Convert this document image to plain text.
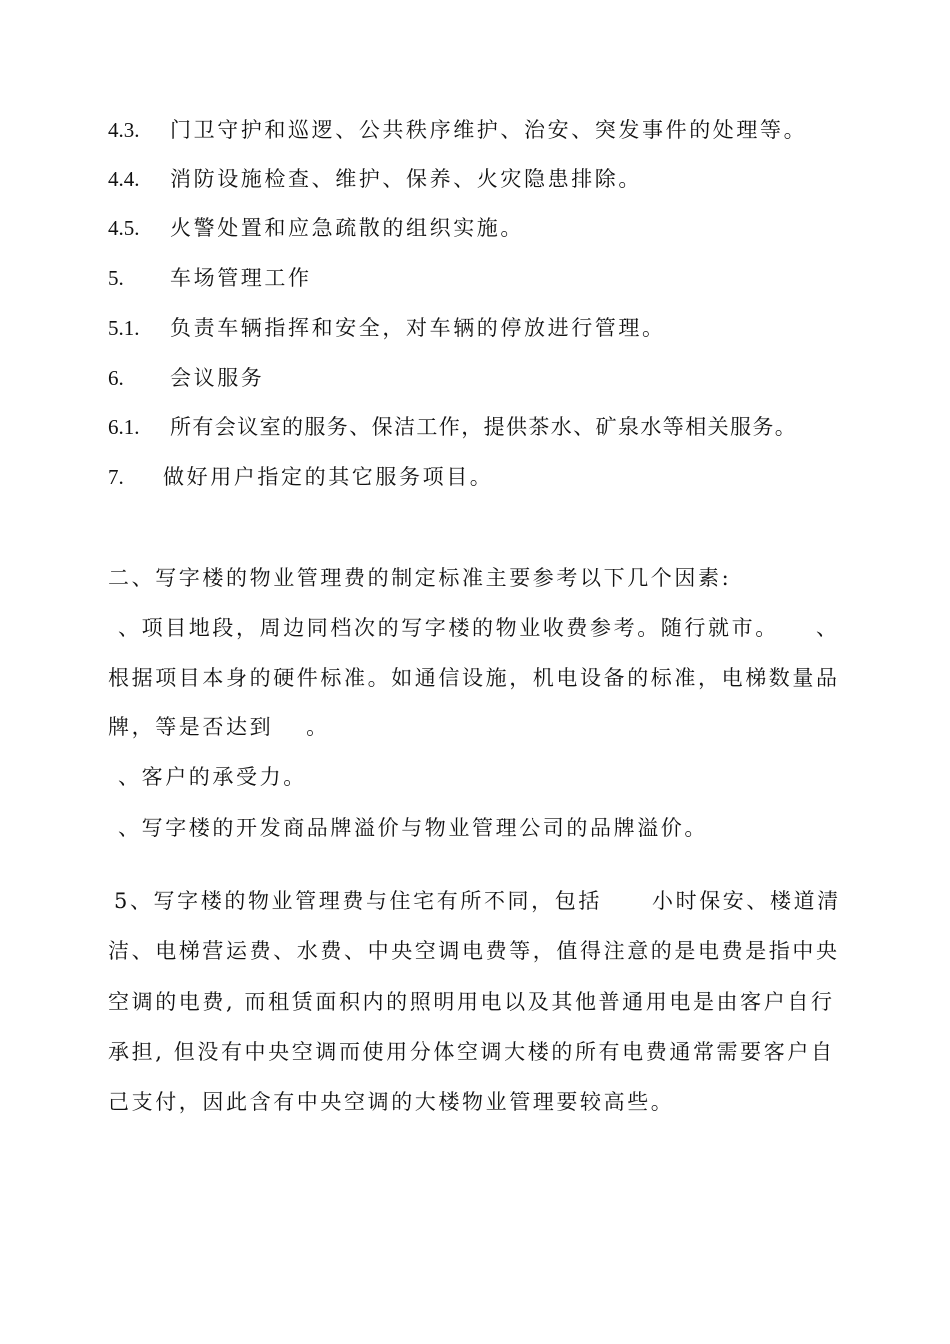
4.3. 门卫守护和巡逻、公共秩序维护、治安、突发事件的处理等。
4.4. 消防设施检查、维护、保养、火灾隐患排除。
4.5. 火警处置和应急疏散的组织实施。
5. 车场管理工作
5.1. 负责车辆指挥和安全，对车辆的停放进行管理。
6. 会议服务
6.1. 所有会议室的服务、保洁工作，提供茶水、矿泉水等相关服务。
7. 做好用户指定的其它服务项目。
二、写字楼的物业管理费的制定标准主要参考以下几个因素:
、项目地段，周边同档次的写字楼的物业收费参考。随行就市。 、
根据项目本身的硬件标准。如通信设施，机电设备的标准，电梯数量品
牌，等是否达到　 。
、客户的承受力。
、写字楼的开发商品牌溢价与物业管理公司的品牌溢价。
5、写字楼的物业管理费与住宅有所不同，包括 小时保安、楼道清
洁、电梯营运费、水费、中央空调电费等，值得注意的是电费是指中央
空调的电费, 而租赁面积内的照明用电以及其他普通用电是由客户自行
承担, 但没有中央空调而使用分体空调大楼的所有电费通常需要客户自
己支付，因此含有中央空调的大楼物业管理要较高些。
